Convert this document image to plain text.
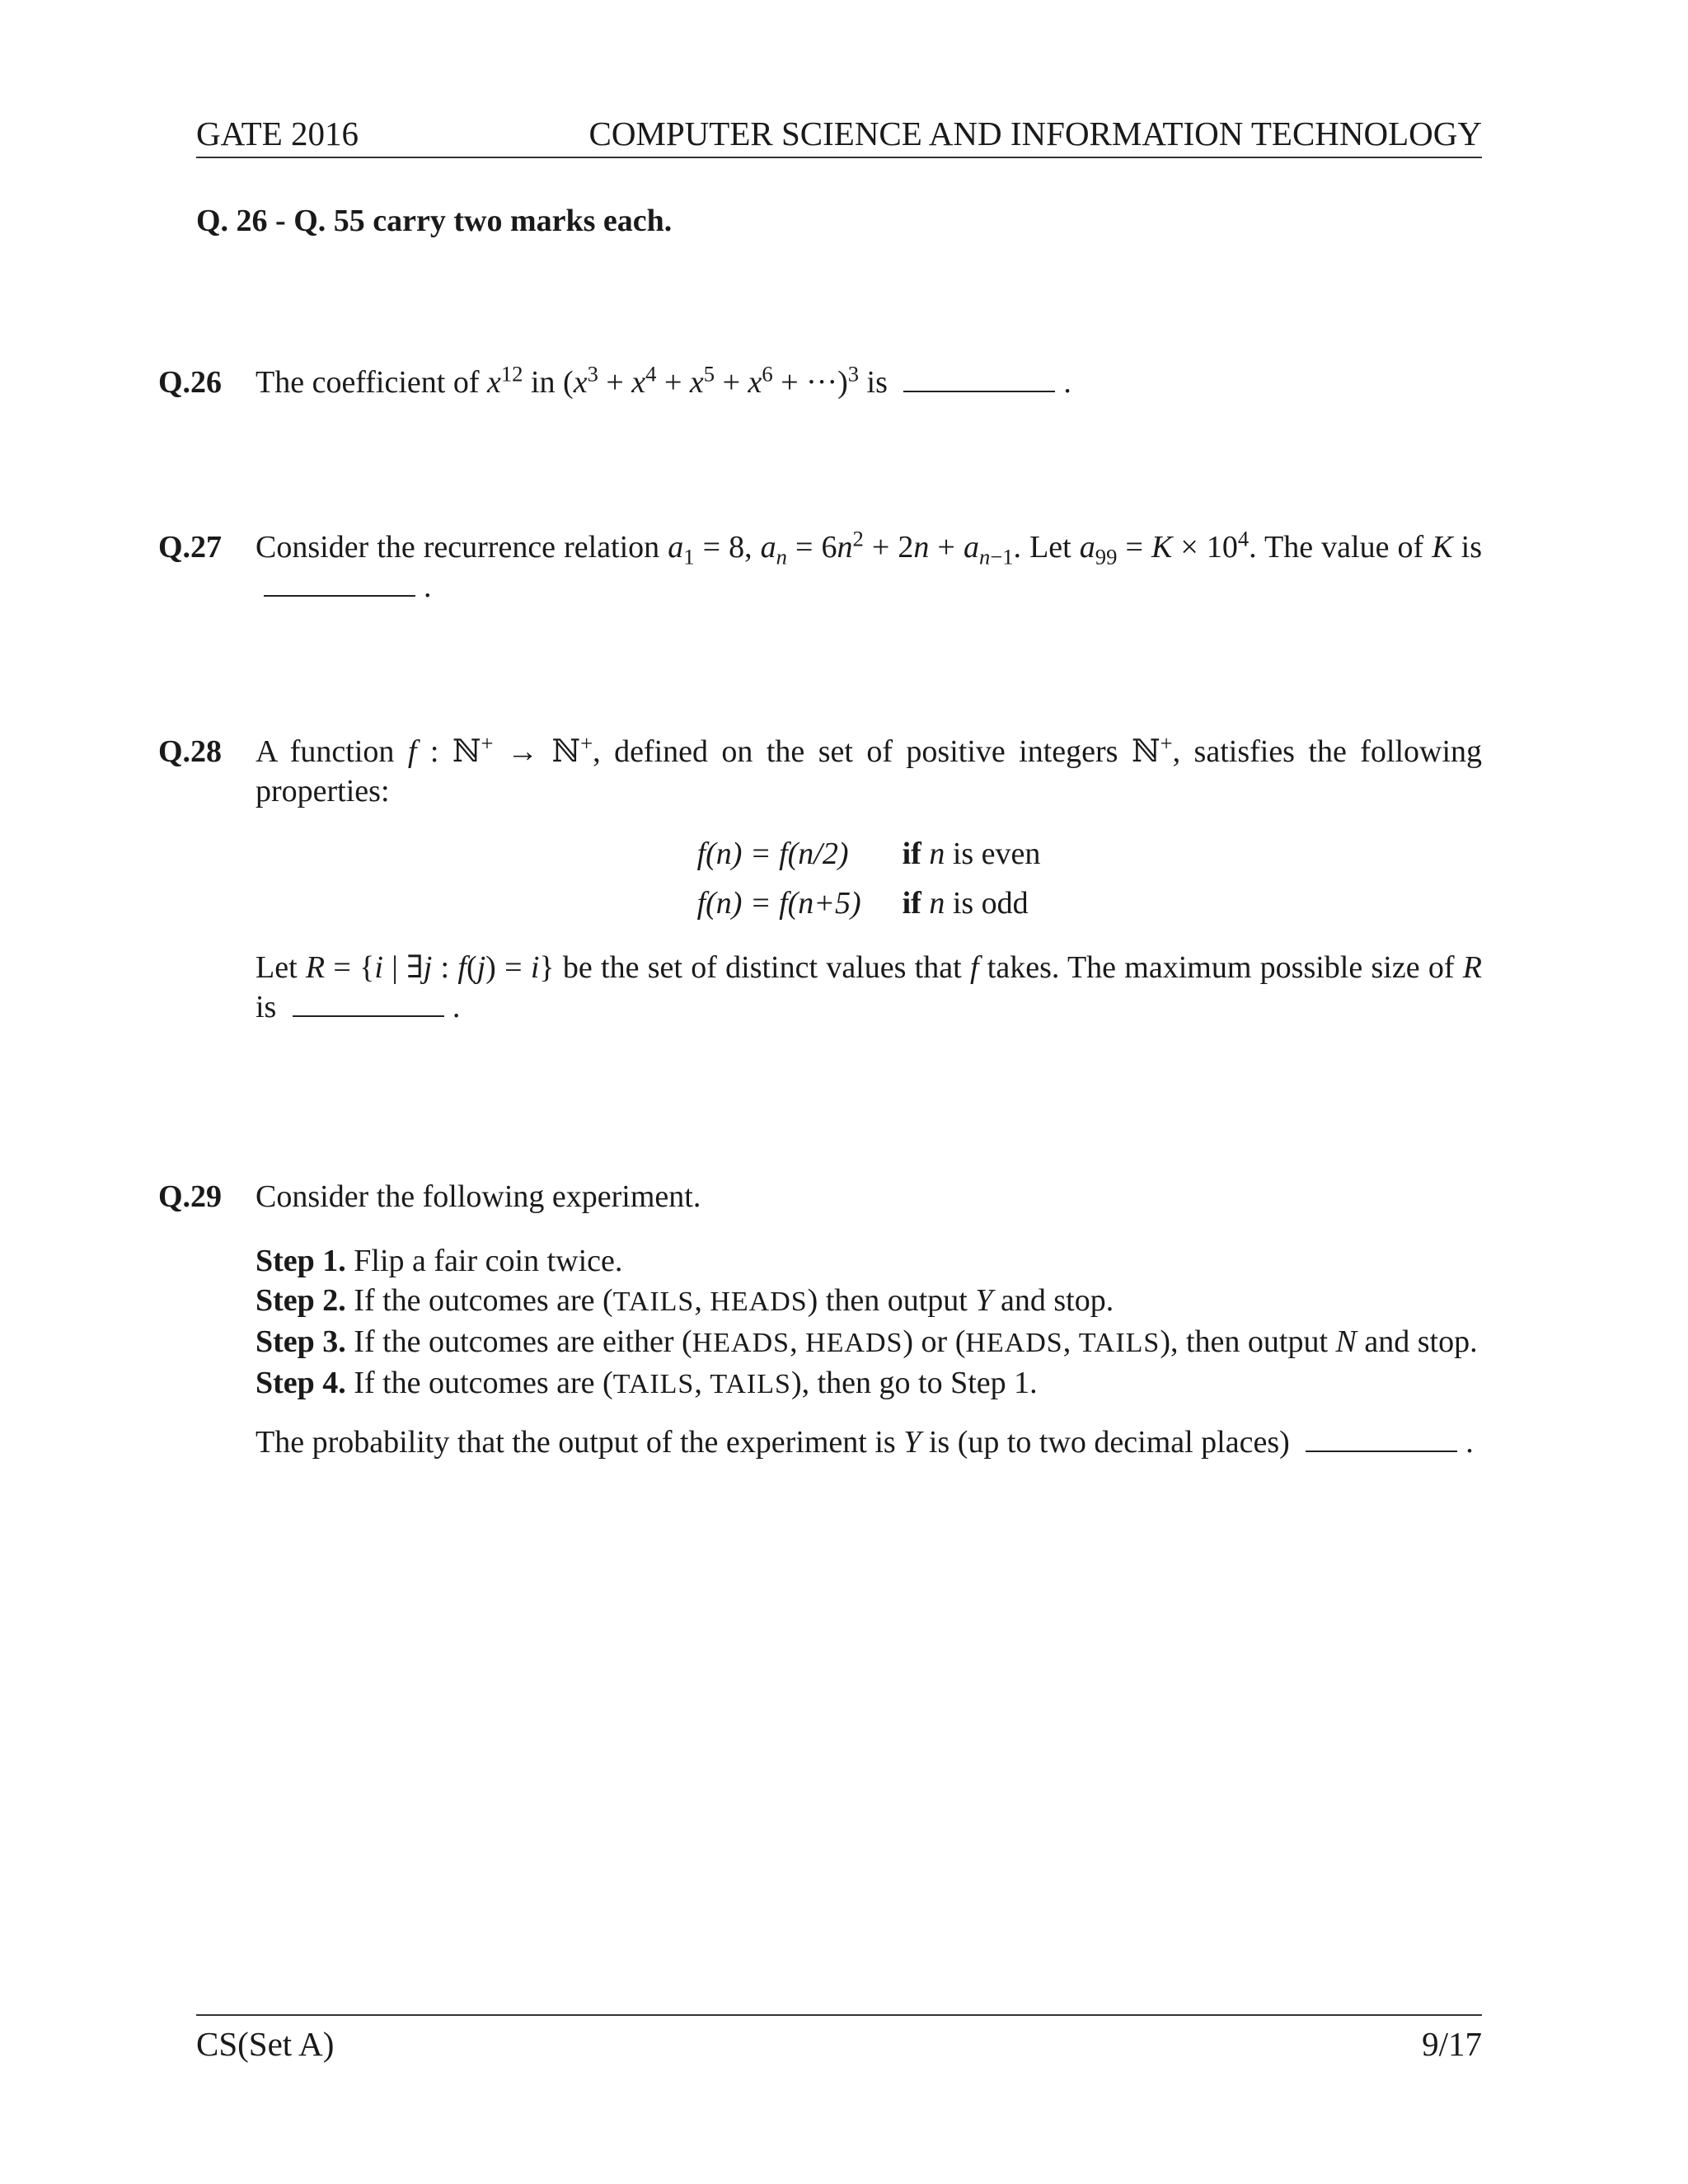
GATE 2016	COMPUTER SCIENCE AND INFORMATION TECHNOLOGY
Q. 26 - Q. 55 carry two marks each.
Q.26 The coefficient of $x^{12}$ in $(x^3 + x^4 + x^5 + x^6 + \cdot\cdot\cdot)^3$ is	.

Q.27 Consider the recurrence relation $a_1 = 8$, $a_n = 6n^2 + 2n + a_{n-1}$. Let $a_{99} = K \times 10^4$. The value of K is .

Q.28 A function f : ℕ+ → ℕ+, defined on the set of positive integers ℕ+, satisfies the following properties:

f(n) = f(n/2)	if n is even
f(n) = f(n+5)	if n is odd

Let R = {i | ∃j : f(j) = i} be the set of distinct values that f takes. The maximum possible size of R is	.

Q.29 Consider the following experiment.

Step 1. Flip a fair coin twice.

Step 2. If the outcomes are (TAILS, HEADS) then output Y and stop.

Step 3. If the outcomes are either (HEADS, HEADS) or (HEADS, TAILS), then output N and stop.

Step 4. If the outcomes are (TAILS, TAILS), then go to Step 1.

The probability that the output of the experiment is Y is (up to two decimal places)	.

CS(Set A)	9/17
